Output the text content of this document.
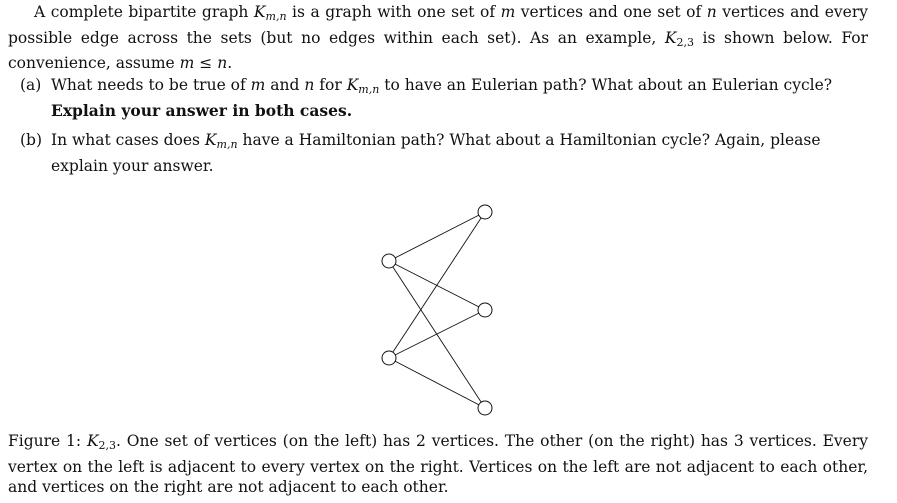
A complete bipartite graph $K_{m,n}$ is a graph with one set of m vertices and one set of n vertices and every possible edge across the sets (but no edges within each set). As an example, $K_{2,3}$ is shown below. For convenience, assume m ≤ n.
(a) What needs to be true of m and n for $K_{m,n}$ to have an Eulerian path? What about an Eulerian cycle? Explain your answer in both cases.
(b) In what cases does $K_{m,n}$ have a Hamiltonian path? What about a Hamiltonian cycle? Again, please explain your answer.
Figure 1: $K_{2,3}$. One set of vertices (on the left) has 2 vertices. The other (on the right) has 3 vertices. Every vertex on the left is adjacent to every vertex on the right. Vertices on the left are not adjacent to each other, and vertices on the right are not adjacent to each other.
